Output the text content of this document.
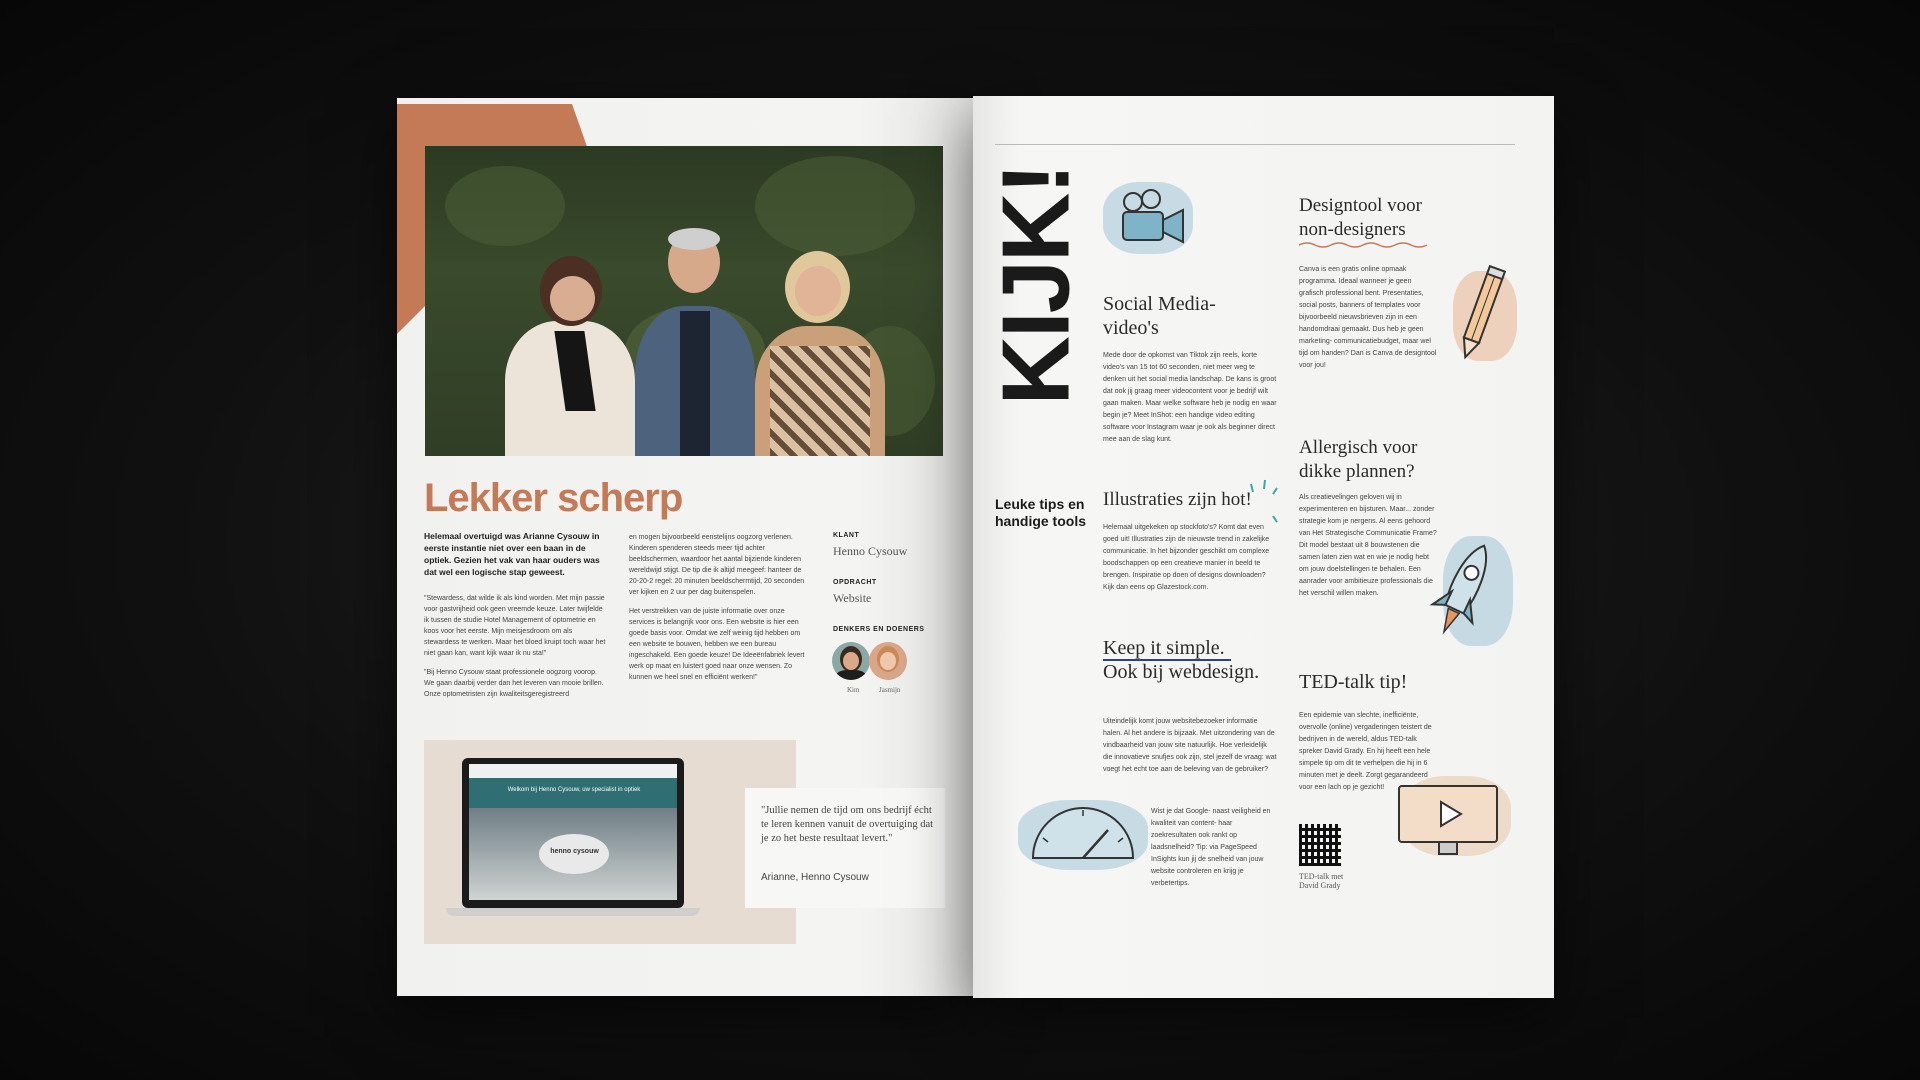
Lekker scherp
Helemaal overtuigd was Arianne Cysouw in eerste instantie niet over een baan in de optiek. Gezien het vak van haar ouders was dat wel een logische stap geweest.

"Stewardess, dat wilde ik als kind worden. Met mijn passie voor gastvrijheid ook geen vreemde keuze. Later twijfelde ik tussen de studie Hotel Management of optometrie en koos voor het eerste. Mijn meisjesdroom om als stewardess te werken. Maar het bloed kruipt toch waar het niet gaan kan, want kijk waar ik nu sta!"

"Bij Henno Cysouw staat professionele oogzorg voorop. We gaan daarbij verder dan het leveren van mooie brillen. Onze optometristen zijn kwaliteitsgeregistreerd

en mogen bijvoorbeeld eenstelijns oogzorg verlenen. Kinderen spenderen steeds meer tijd achter beeldschermen, waardoor het aantal bijziende kinderen wereldwijd stijgt. De tip die ik altijd meegeef: hanteer de 20-20-2 regel: 20 minuten beeldschermtijd, 20 seconden ver kijken en 2 uur per dag buitenspelen.

Het verstrekken van de juiste informatie over onze services is belangrijk voor ons. Een website is hier een goede basis voor. Omdat we zelf weinig tijd hebben om een website te bouwen, hebben we een bureau ingeschakeld. Een goede keuze! De Ideeënfabriek levert werk op maat en luistert goed naar onze wensen. Zo kunnen we heel snel en efficiënt werken!"

KLANT
Henno Cysouw
OPDRACHT
Website
DENKERS EN DOENERS
Kim	Jasmijn
Welkom bij Henno Cysouw, uw specialist in optiek
henno cysouw
"Jullie nemen de tijd om ons bedrijf écht te leren kennen vanuit de overtuiging dat je zo het beste resultaat levert."
Arianne, Henno Cysouw
KIJK!
Leuke tips en
handige tools
Social Media-
video's
Mede door de opkomst van Tiktok zijn reels, korte video's van 15 tot 60 seconden, niet meer weg te denken uit het social media landschap. De kans is groot dat ook jij graag meer videocontent voor je bedrijf wilt gaan maken. Maar welke software heb je nodig en waar begin je? Meet InShot: een handige video editing software voor Instagram waar je ook als beginner direct mee aan de slag kunt.
Illustraties zijn hot!
Helemaal uitgekeken op stockfoto's? Komt dat even goed uit! Illustraties zijn de nieuwste trend in zakelijke communicatie. In het bijzonder geschikt om complexe boodschappen op een creatieve manier in beeld te brengen. Inspiratie op doen of designs downloaden? Kijk dan eens op Glazestock.com.
Keep it simple.
Ook bij webdesign.
Uiteindelijk komt jouw websitebezoeker informatie halen. Al het andere is bijzaak. Met uitzondering van de vindbaarheid van jouw site natuurlijk. Hoe verleidelijk die innovatieve snufjes ook zijn, stel jezelf de vraag: wat voegt het echt toe aan de beleving van de gebruiker?
Wist je dat Google- naast veiligheid en kwaliteit van content- haar zoekresultaten ook rankt op laadsnelheid? Tip: via PageSpeed InSights kun jij de snelheid van jouw website controleren en krijg je verbetertips.
Designtool voor
non-designers
Canva is een gratis online opmaak programma. Ideaal wanneer je geen grafisch professional bent. Presentaties, social posts, banners of templates voor bijvoorbeeld nieuwsbrieven zijn in een handomdraai gemaakt. Dus heb je geen marketing- communicatiebudget, maar wel tijd om handen? Dan is Canva de designtool voor jou!
Allergisch voor
dikke plannen?
Als creatievelingen geloven wij in experimenteren en bijsturen. Maar... zonder strategie kom je nergens. Al eens gehoord van Het Strategische Communicatie Frame? Dit model bestaat uit 8 bouwstenen die samen laten zien wat en wie je nodig hebt om jouw doelstellingen te behalen. Een aanrader voor ambitieuze professionals die het verschil willen maken.
TED-talk tip!
Een epidemie van slechte, inefficiënte, overvolle (online) vergaderingen teistert de bedrijven in de wereld, aldus TED-talk spreker David Grady. En hij heeft een hele simpele tip om dit te verhelpen die hij in 6 minuten met je deelt. Zorgt gegarandeerd voor een lach op je gezicht!
TED-talk met
David Grady
